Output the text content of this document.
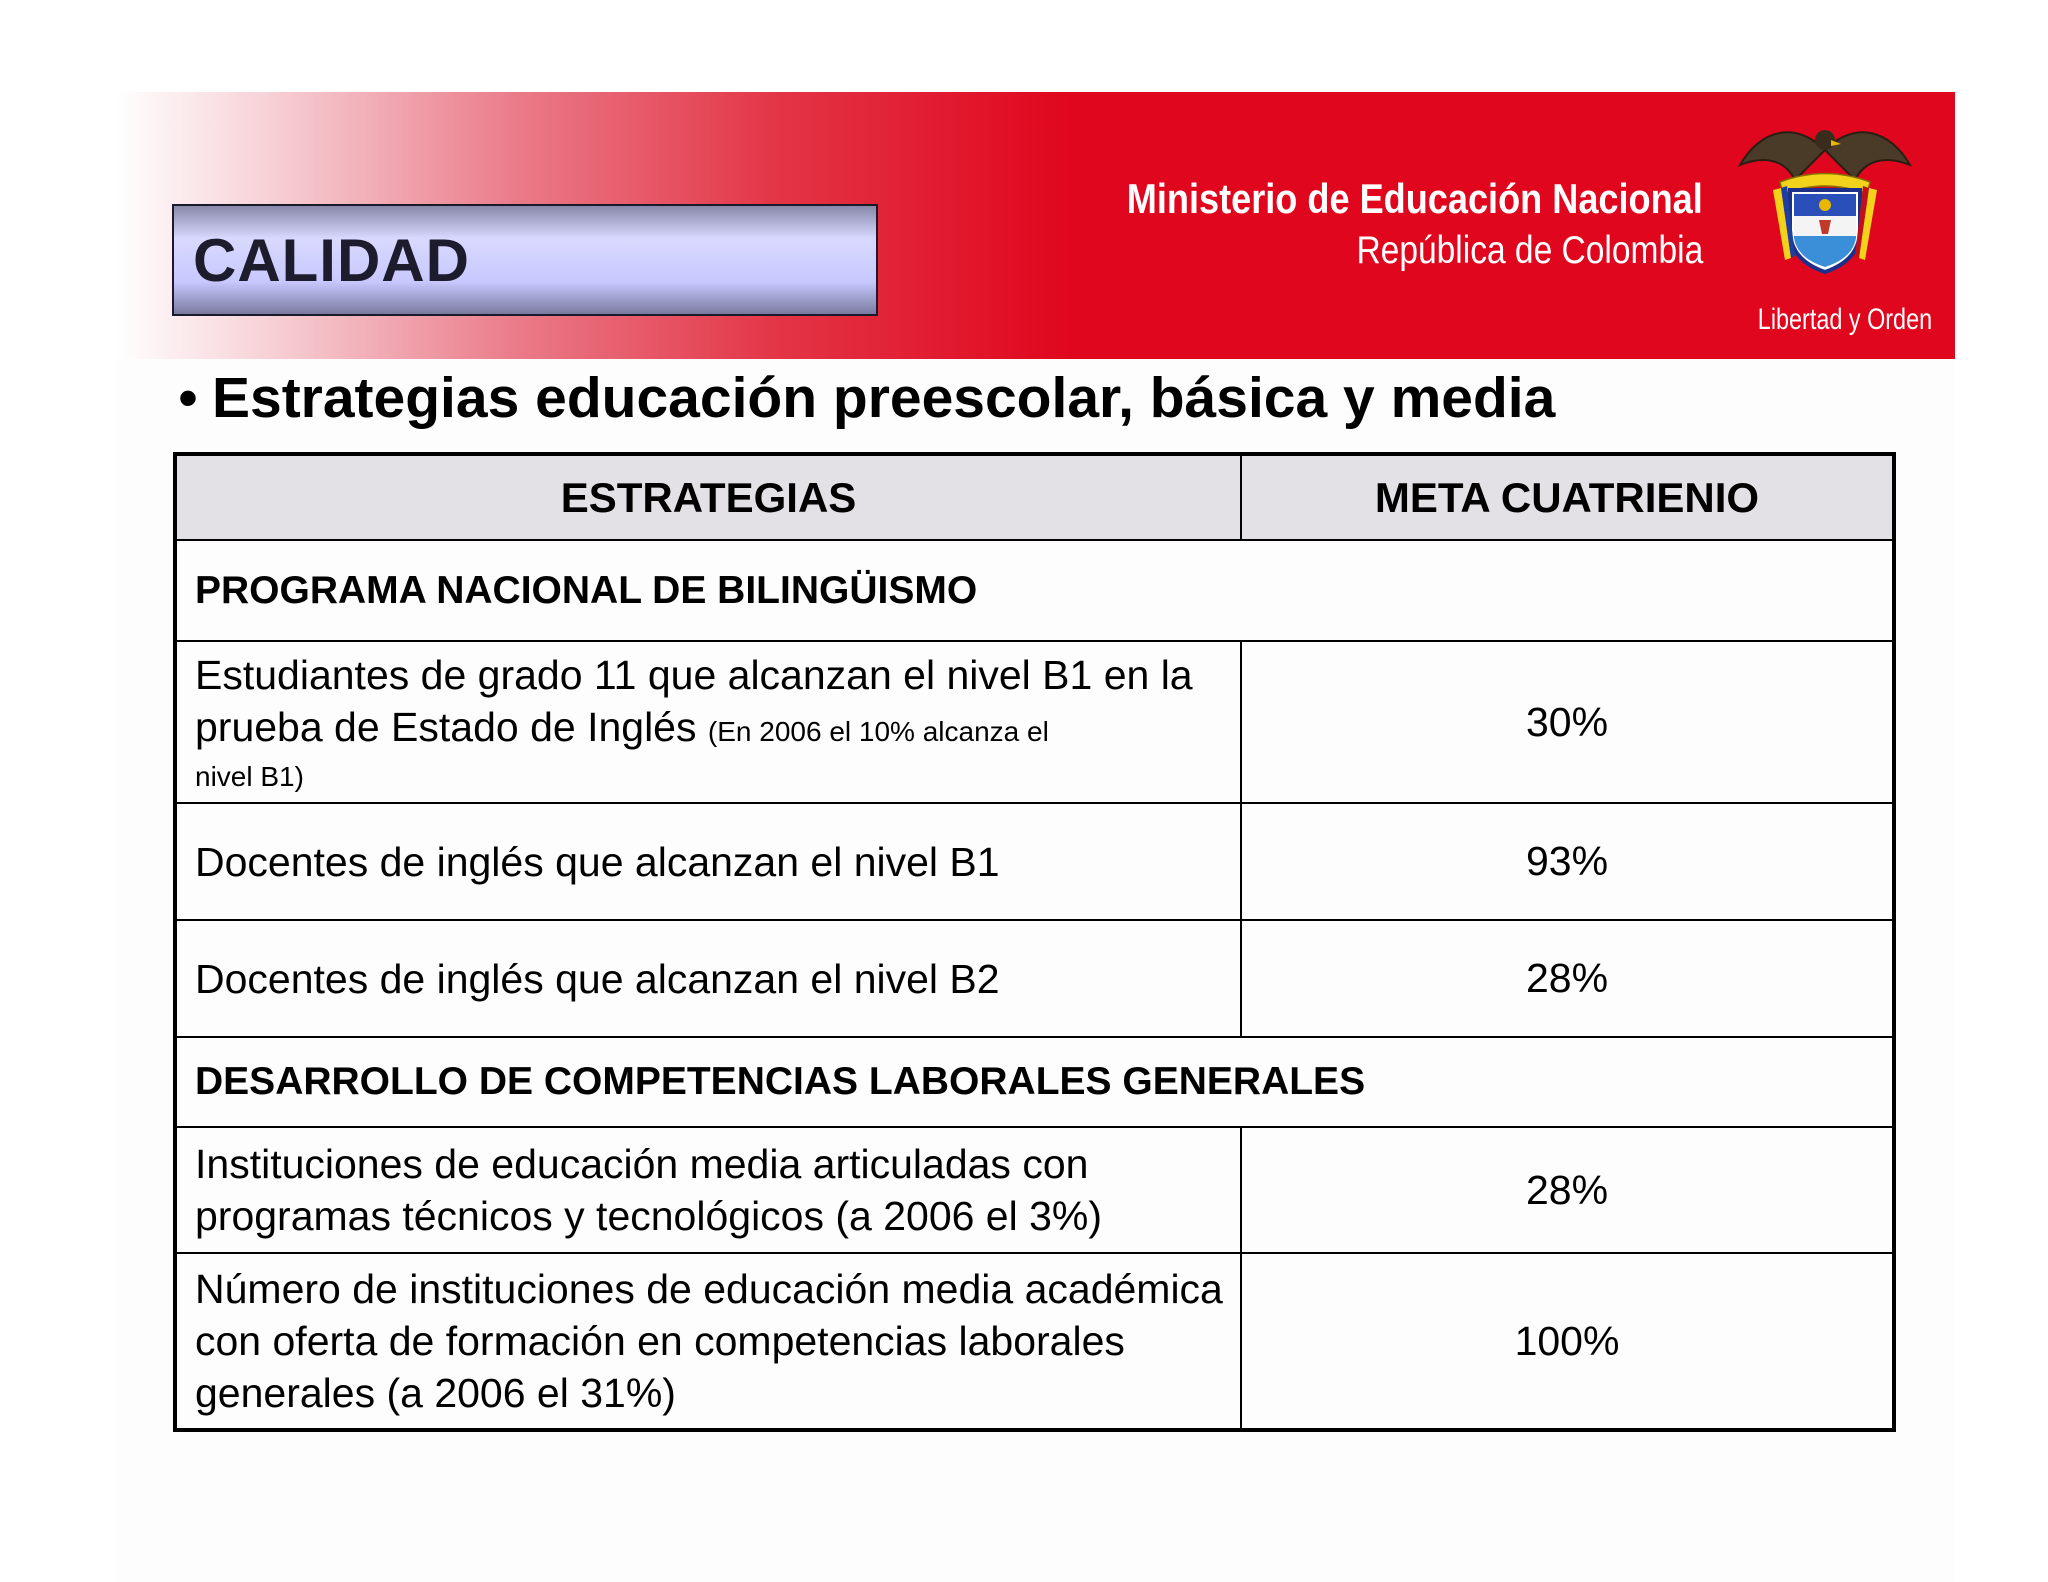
CALIDAD
Ministerio de Educación Nacional
República de Colombia
Libertad y Orden
• Estrategias educación preescolar, básica y media
ESTRATEGIAS	META CUATRIENIO
PROGRAMA NACIONAL DE BILINGÜISMO	
Estudiantes de grado 11 que alcanzan el nivel B1 en la prueba de Estado de Inglés (En 2006 el 10% alcanza el
nivel B1)	30%
Docentes de inglés que alcanzan el nivel B1	93%
Docentes de inglés que alcanzan el nivel B2	28%
DESARROLLO DE COMPETENCIAS LABORALES GENERALES	
Instituciones de educación media articuladas con programas técnicos y tecnológicos (a 2006 el 3%)	28%
Número de instituciones de educación media académica con oferta de formación en competencias laborales generales (a 2006 el 31%)	100%
